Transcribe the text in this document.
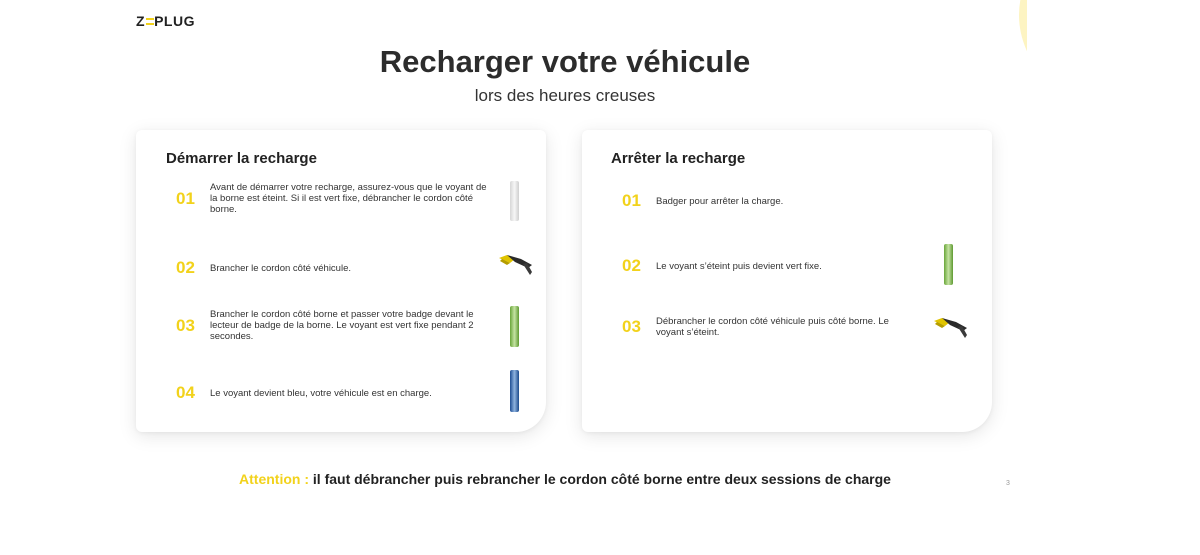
Z PLUG
Recharger votre véhicule
lors des heures creuses
Démarrer la recharge
01
Avant de démarrer votre recharge, assurez-vous que le voyant de la borne est éteint. Si il est vert fixe, débrancher le cordon côté borne.
02	Brancher le cordon côté véhicule.
03
Brancher le cordon côté borne et passer votre badge devant le lecteur de badge de la borne. Le voyant est vert fixe pendant 2 secondes.
04	Le voyant devient bleu, votre véhicule est en charge.
Arrêter la recharge
01	Badger pour arrêter la charge.
02	Le voyant s’éteint puis devient vert fixe.
03	Débrancher le cordon côté véhicule puis côté borne. Le voyant s’éteint.
Attention : il faut débrancher puis rebrancher le cordon côté borne entre deux sessions de charge	3
